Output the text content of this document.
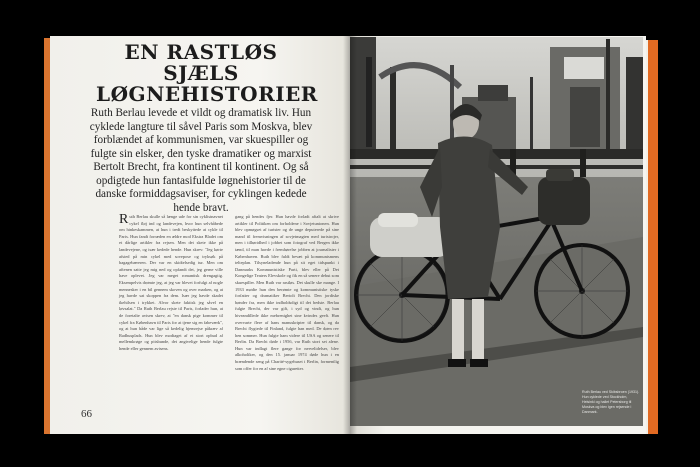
EN RASTLØS SJÆLS LØGNEHISTORIER

Ruth Berlau levede et vildt og dramatisk liv. Hun cyklede langture til såvel Paris som Moskva, blev forblændet af kommunismen, var skuespiller og fulgte sin elsker, den tyske dramatiker og marxist Bertolt Brecht, fra kontinent til kontinent. Og så opdigtede hun fantasifulde løgnehistorier til de danske formiddagsaviser, for cyklingen kedede hende bravt.

Ruth Berlau skulle så længe ude for sin cyklistnavnet cykel fløj ind og landevejen, hvor hun selvhåbede om hinkeskammen, at hun i tredt beskyttede at cykle til Paris. Hun fandt forræden en ældre mod Ekstra Bladet om et dårlige artikler fra rejsen. Men det skete ikke på landevejene, og især kedede hende. Hun skrev: "Jeg kørte afsted på min cykel med sovepose og tryksøk på bagagebæreren. Der var en skidtelsedig tur. Men om aftenen satte jeg mig ned og opfandt det, jeg gerne ville have oplevet. Jeg var meget romantisk drengagtig. Eksempelvis drømte jeg, at jeg var blevet forfulgt af nogle mennesker i en bil gennem skoven og over marken, og at jeg havde sat skoppen fra dem. Især jeg havde skadet ikehilsen i trykket. Alvor skete faktisk jeg såvel en løvsalat." Da Ruth Berlau rejste til Paris, forlader hun, at de foretalte avisen skrev, at "en dansk pige kommer til cykel fra København til Paris for at tjene sig en fabeværk", og at hun både var lige så kedelig hjemrejse påkræv af Radhusplads. Hun blev modtaget af et stort opbud af mellemkrøge og pitsbunde, det angivelige hende fulgte hende eller gennem avisens.
gang på hendes fjer. Hun havde forladt aftalt at skrive artikler til Politiken om forholdene i Sovjetunionen. Hun blev opmøgset af turister og de unge deputerede på sine mand til fremvisningen af sovjetmagten med turistrojer, men i tilhøridhed i jobbet som fotograf ved Bergen ikke tænd, til man havde i fremhørelse jobben at journalister i Københaven. Ruth blev fuldt bevæt på kommunismens telteplan. Tilsyneladende hun på sit eget tidspunkt i Danmarks Kommunistiske Parti, blev eller på Det Kongelige Teaters Elevskole og fik en så senere debut som skuespiller. Men Ruth var rastløs. Det skulle ske mange. I 1933 mødte hun den berømte og kommunistiske tyske forfatter og dramatiker Bertolt Brecht. Den jordiske bønder fra, men ikke indholdsdigt til det bedste. Berlau fulgte Brecht, der var gift, i syd og vindt, og hun hiveandillede ikke mebrenighet sine kvindes geeft. Hun overvarte flere af hans manuskripter til dansk, og da Brecht flygtede til Finland, fulgte han med. De døen rev hen sommer. Hun fulgte ham videre til USA og senere til Berlin. Da Brecht døde i 1956, var Ruth stort set alene. Hun var indlagt flere gange for nervelidelser, blev alkoholiker, og den 15. januar 1974 døde hun i en brændende seng på Charité-sygehuset i Berlin, formentlig som offer for en af sine egne cigaretter.
66
Ruth Berlau ved Skibsbroen (1931). Hun cyklede ved Stockholm, Helsinki og hallet Petersborg til Moskva og blev igen rejsende i Danmark.
